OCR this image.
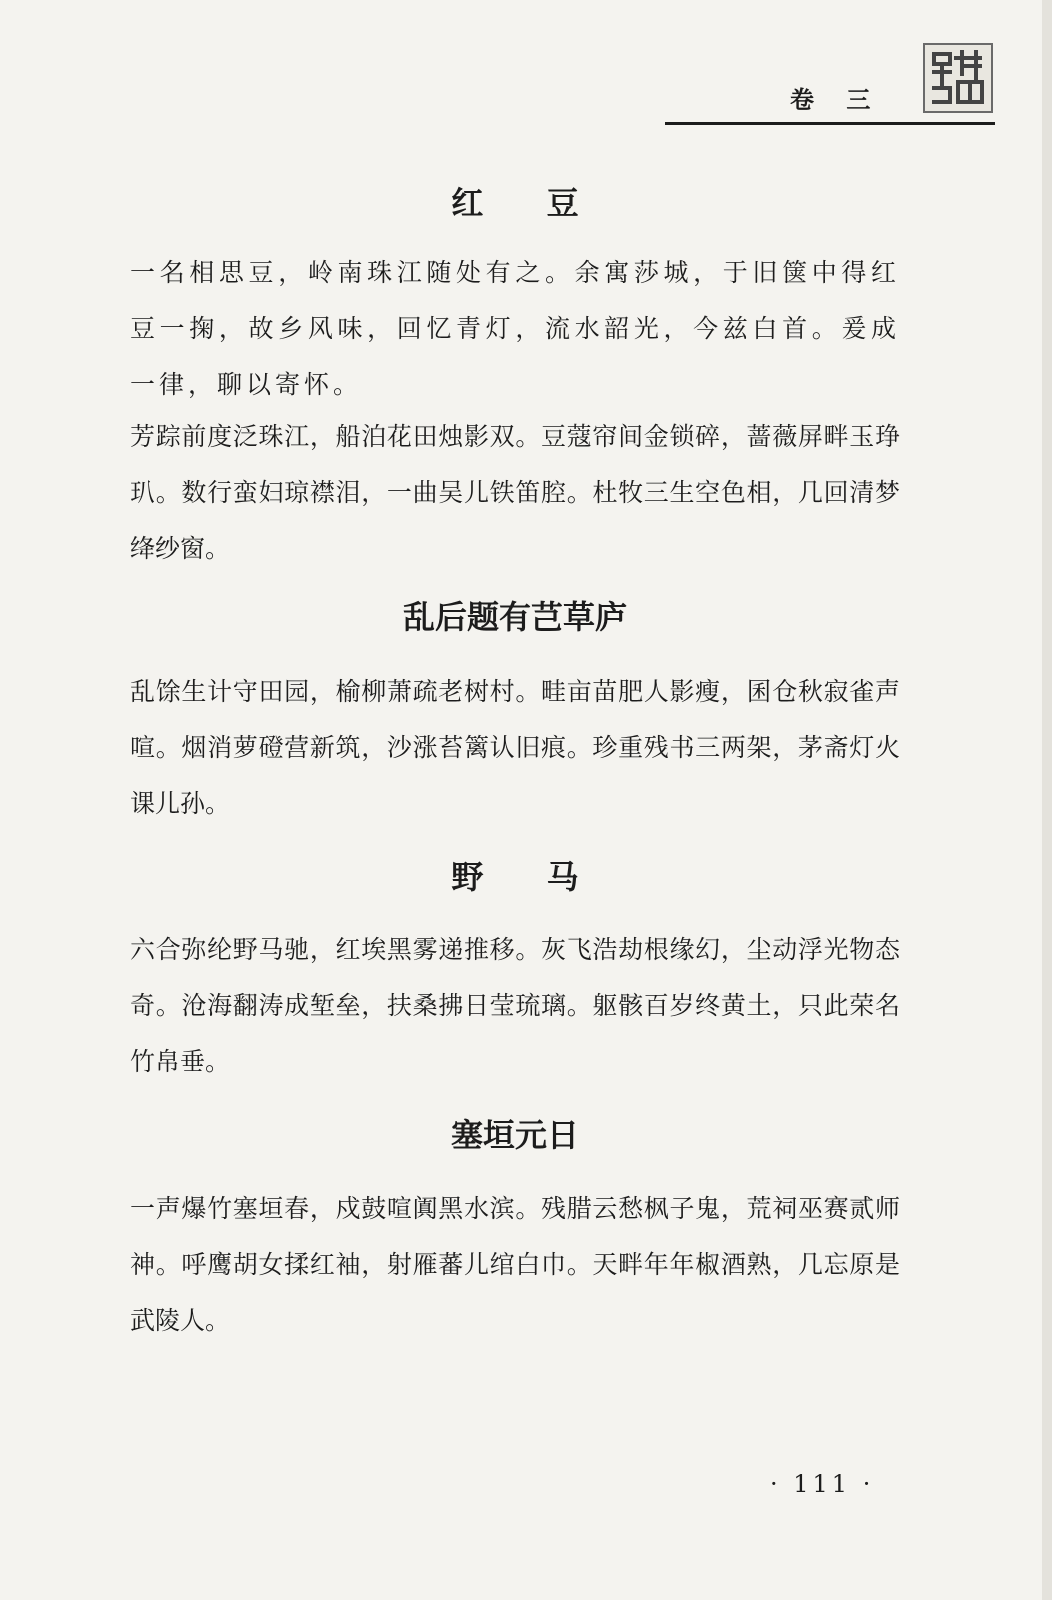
卷 三
红 豆

一名相思豆，岭南珠江随处有之。余寓莎城，于旧箧中得红豆一掬，故乡风味，回忆青灯，流水韶光，今兹白首。爰成一律，聊以寄怀。

芳踪前度泛珠江，船泊花田烛影双。豆蔻帘间金锁碎，蔷薇屏畔玉琤玐。数行蛮妇琼襟泪，一曲吴儿铁笛腔。杜牧三生空色相，几回清梦绛纱窗。

乱后题有芑草庐

乱馀生计守田园，榆柳萧疏老树村。畦亩苗肥人影瘦，囷仓秋寂雀声喧。烟消萝磴营新筑，沙涨苔篱认旧痕。珍重残书三两架，茅斋灯火课儿孙。

野 马

六合弥纶野马驰，红埃黑雾递推移。灰飞浩劫根缘幻，尘动浮光物态奇。沧海翻涛成堑垒，扶桑拂日莹琉璃。躯骸百岁终黄土，只此荣名竹帛垂。

塞垣元日

一声爆竹塞垣春，戍鼓喧阗黑水滨。残腊云愁枫子鬼，荒祠巫赛贰师神。呼鹰胡女揉红袖，射雁蕃儿绾白巾。天畔年年椒酒熟，几忘原是武陵人。

· 111 ·
